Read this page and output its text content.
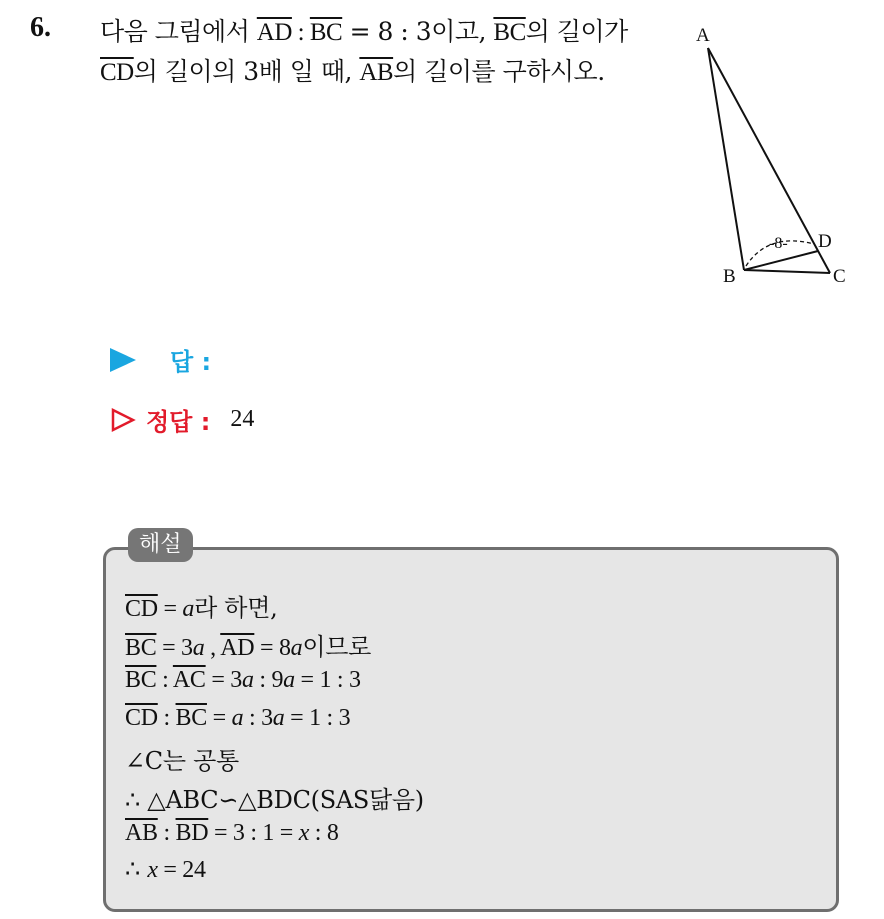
6. 다음 그림에서 $\overline{AD}$ : $\overline{BC} = 8$ : 3이고, $\overline{BC}$의 길이가
$\overline{CD}$의 길이의 3배 일 때, $\overline{AB}$의 길이를 구하시오.
A
B	C
D
-8-
답 :
정답 : 24
해설
$\overline{CD} = a$라 하면,
$\overline{BC} = 3a$ , $\overline{AD} = 8a$이므로
$\overline{BC}$ : $\overline{AC} = 3a$ : 9a = 1 : 3
$\overline{CD}$ : $\overline{BC} = a$ : 3a = 1 : 3
∠C는 공통
∴ △ABC∽△BDC(SAS닮음)
$\overline{AB}$ : $\overline{BD} = 3$ : 1 = x : 8
∴ x = 24
